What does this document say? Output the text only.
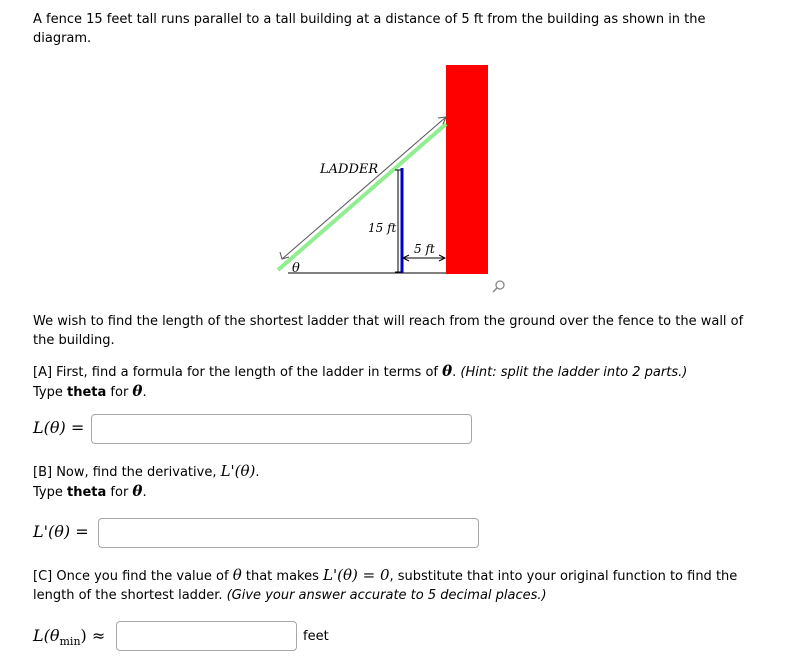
A fence 15 feet tall runs parallel to a tall building at a distance of 5 ft from the building as shown in the diagram.

LADDER
15 ft
5 ft
θ

We wish to find the length of the shortest ladder that will reach from the ground over the fence to the wall of the building.

[A] First, find a formula for the length of the ladder in terms of θ. (Hint: split the ladder into 2 parts.)
Type theta for θ.

L(θ) =

[B] Now, find the derivative, L'(θ).
Type theta for θ.

L'(θ) =

[C] Once you find the value of θ that makes L'(θ) = 0, substitute that into your original function to find the length of the shortest ladder. (Give your answer accurate to 5 decimal places.)

$L(\theta_{min})$ ≈	feet
